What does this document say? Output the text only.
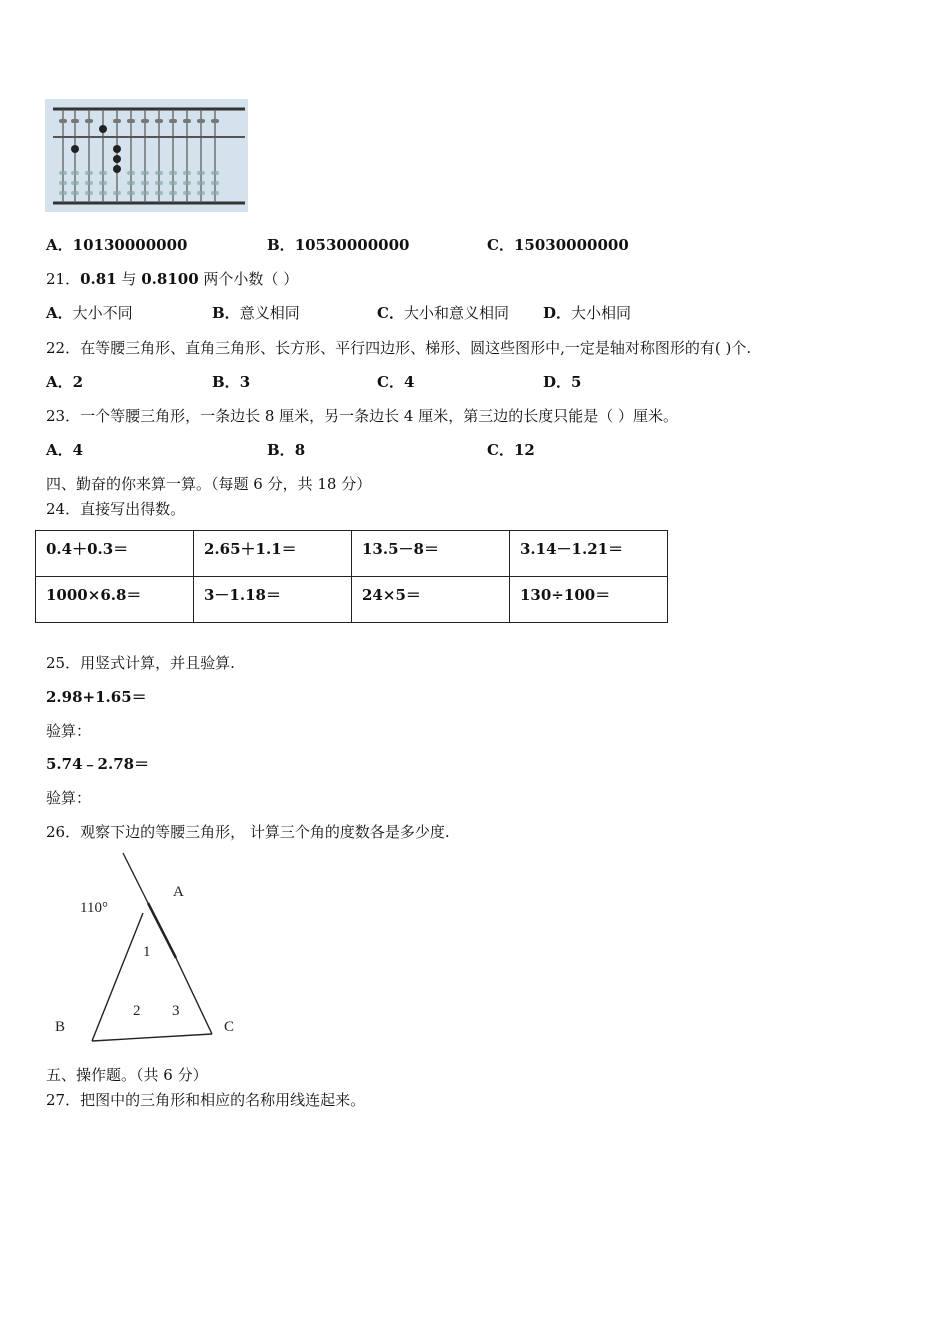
A．10130000000	B．10530000000	C．15030000000
21．0.81 与 0.8100 两个小数（ ）
A．大小不同	B．意义相同	C．大小和意义相同 D．大小相同
22．在等腰三角形、直角三角形、长方形、平行四边形、梯形、圆这些图形中,一定是轴对称图形的有( )个.
A．2	B．3	C．4	D．5
23．一个等腰三角形，一条边长 8 厘米，另一条边长 4 厘米，第三边的长度只能是（ ）厘米。
A．4	B．8	C．12
四、勤奋的你来算一算。（每题 6 分，共 18 分）
24．直接写出得数。
0.4＋0.3＝	2.65＋1.1＝	13.5－8＝	3.14－1.21＝
1000×6.8＝	3－1.18＝	24×5＝	130÷100＝
25．用竖式计算，并且验算.
2.98+1.65＝
验算：
5.74﹣2.78＝
验算：
26．观察下边的等腰三角形， 计算三个角的度数各是多少度.
110°
A
B	C
1
2 3
五、操作题。（共 6 分）
27．把图中的三角形和相应的名称用线连起来。
